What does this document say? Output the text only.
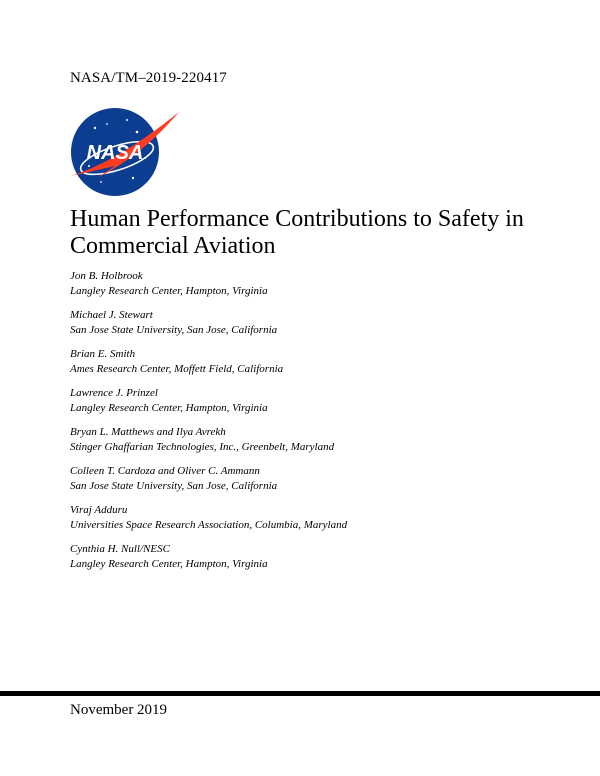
NASA/TM–2019-220417
NASA
Human Performance Contributions to Safety in Commercial Aviation
Jon B. Holbrook
Langley Research Center, Hampton, Virginia
Michael J. Stewart
San Jose State University, San Jose, California
Brian E. Smith
Ames Research Center, Moffett Field, California
Lawrence J. Prinzel
Langley Research Center, Hampton, Virginia
Bryan L. Matthews and Ilya Avrekh
Stinger Ghaffarian Technologies, Inc., Greenbelt, Maryland
Colleen T. Cardoza and Oliver C. Ammann
San Jose State University, San Jose, California
Viraj Adduru
Universities Space Research Association, Columbia, Maryland
Cynthia H. Null/NESC
Langley Research Center, Hampton, Virginia
November 2019
